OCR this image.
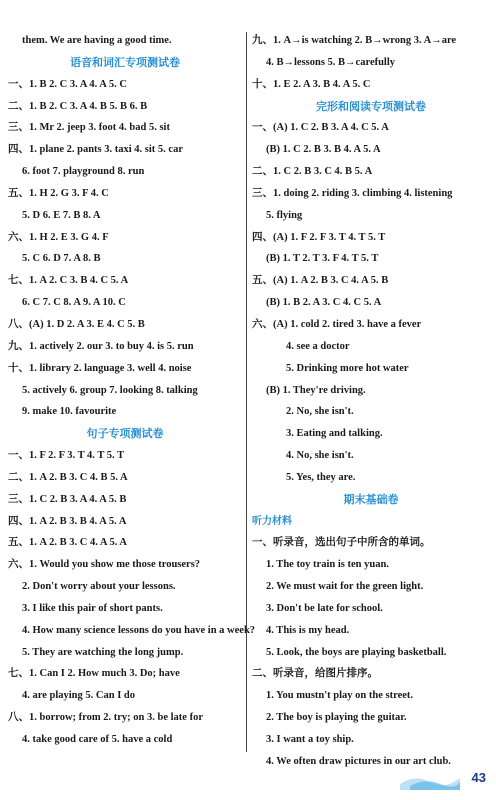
them. We are having a good time.
语音和词汇专项测试卷
一、1. B 2. C 3. A 4. A 5. C
二、1. B 2. C 3. A 4. B 5. B 6. B
三、1. Mr 2. jeep 3. foot 4. bad 5. sit
四、1. plane 2. pants 3. taxi 4. sit 5. car
6. foot 7. playground 8. run
五、1. H 2. G 3. F 4. C
5. D 6. E 7. B 8. A
六、1. H 2. E 3. G 4. F
5. C 6. D 7. A 8. B
七、1. A 2. C 3. B 4. C 5. A
6. C 7. C 8. A 9. A 10. C
八、(A) 1. D 2. A 3. E 4. C 5. B
九、1. actively 2. our 3. to buy 4. is 5. run
十、1. library 2. language 3. well 4. noise
5. actively 6. group 7. looking 8. talking
9. make 10. favourite
句子专项测试卷
一、1. F 2. F 3. T 4. T 5. T
二、1. A 2. B 3. C 4. B 5. A
三、1. C 2. B 3. A 4. A 5. B
四、1. A 2. B 3. B 4. A 5. A
五、1. A 2. B 3. C 4. A 5. A
六、1. Would you show me those trousers?
2. Don't worry about your lessons.
3. I like this pair of short pants.
4. How many science lessons do you have in a week?
5. They are watching the long jump.
七、1. Can I 2. How much 3. Do; have
4. are playing 5. Can I do
八、1. borrow; from 2. try; on 3. be late for
4. take good care of 5. have a cold
九、1. A→is watching 2. B→wrong 3. A→are
4. B→lessons 5. B→carefully
十、1. E 2. A 3. B 4. A 5. C
完形和阅读专项测试卷
一、(A) 1. C 2. B 3. A 4. C 5. A
(B) 1. C 2. B 3. B 4. A 5. A
二、1. C 2. B 3. C 4. B 5. A
三、1. doing 2. riding 3. climbing 4. listening
5. flying
四、(A) 1. F 2. F 3. T 4. T 5. T
(B) 1. T 2. T 3. F 4. T 5. T
五、(A) 1. A 2. B 3. C 4. A 5. B
(B) 1. B 2. A 3. C 4. C 5. A
六、(A) 1. cold 2. tired 3. have a fever
4. see a doctor
5. Drinking more hot water
(B) 1. They're driving.
2. No, she isn't.
3. Eating and talking.
4. No, she isn't.
5. Yes, they are.
期末基础卷
听力材料
一、听录音，选出句子中所含的单词。
1. The toy train is ten yuan.
2. We must wait for the green light.
3. Don't be late for school.
4. This is my head.
5. Look, the boys are playing basketball.
二、听录音，给图片排序。
1. You mustn't play on the street.
2. The boy is playing the guitar.
3. I want a toy ship.
4. We often draw pictures in our art club.
43
